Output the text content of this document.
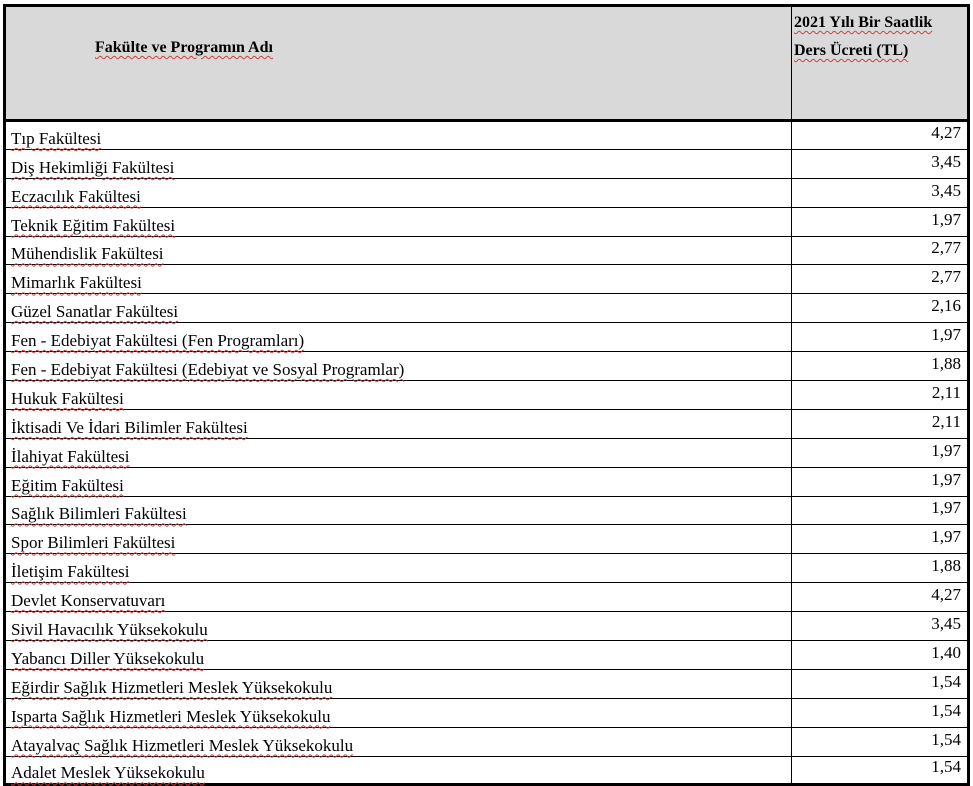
Fakülte ve Programın Adı	2021 Yılı Bir Saatlik Ders Ücreti (TL)
Tıp Fakültesi	4,27
Diş Hekimliği Fakültesi	3,45
Eczacılık Fakültesi	3,45
Teknik Eğitim Fakültesi	1,97
Mühendislik Fakültesi	2,77
Mimarlık Fakültesi	2,77
Güzel Sanatlar Fakültesi	2,16
Fen - Edebiyat Fakültesi (Fen Programları)	1,97
Fen - Edebiyat Fakültesi (Edebiyat ve Sosyal Programlar)	1,88
Hukuk Fakültesi	2,11
İktisadi Ve İdari Bilimler Fakültesi	2,11
İlahiyat Fakültesi	1,97
Eğitim Fakültesi	1,97
Sağlık Bilimleri Fakültesi	1,97
Spor Bilimleri Fakültesi	1,97
İletişim Fakültesi	1,88
Devlet Konservatuvarı	4,27
Sivil Havacılık Yüksekokulu	3,45
Yabancı Diller Yüksekokulu	1,40
Eğirdir Sağlık Hizmetleri Meslek Yüksekokulu	1,54
Isparta Sağlık Hizmetleri Meslek Yüksekokulu	1,54
Atayalvaç Sağlık Hizmetleri Meslek Yüksekokulu	1,54
Adalet Meslek Yüksekokulu	1,54
